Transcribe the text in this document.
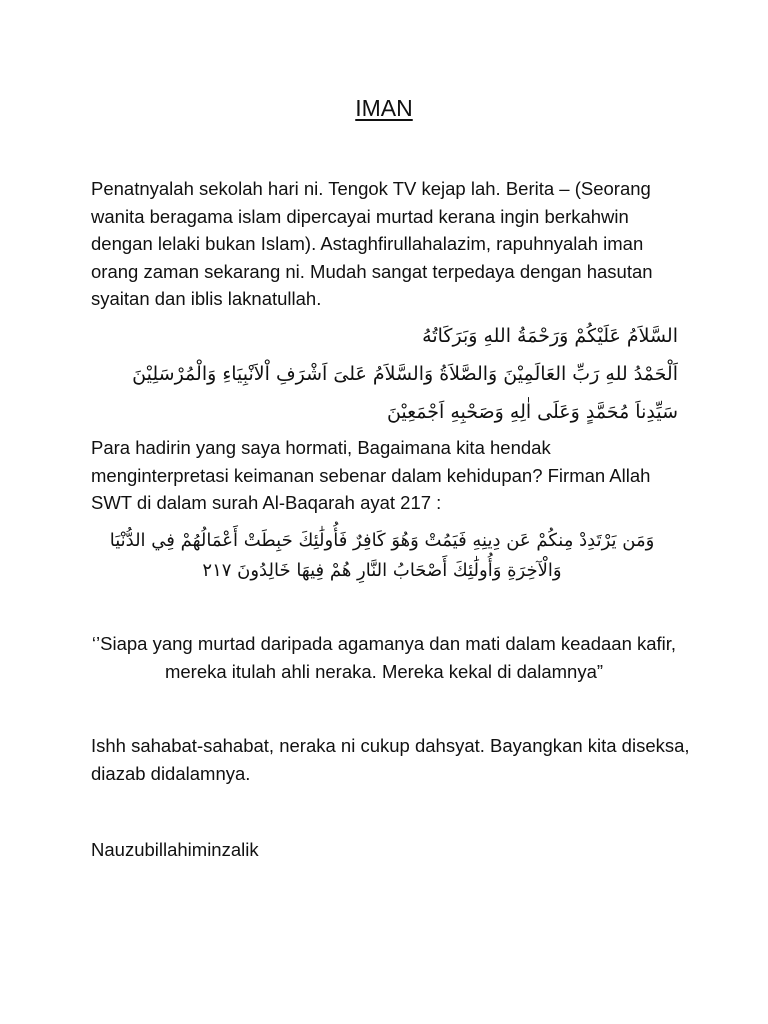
IMAN

Penatnyalah sekolah hari ni. Tengok TV kejap lah. Berita – (Seorang wanita beragama islam dipercayai murtad kerana ingin berkahwin dengan lelaki bukan Islam). Astaghfirullahalazim, rapuhnyalah iman orang zaman sekarang ni. Mudah sangat terpedaya dengan hasutan syaitan dan iblis laknatullah.

السَّلاَمُ عَلَيْكُمْ وَرَحْمَةُ اللهِ وَبَرَكَاتُهُ

اَلْحَمْدُ للهِ رَبِّ العَالَمِيْنَ وَالصَّلاَةُ وَالسَّلاَمُ عَلىَ اَشْرَفِ اْلاَنْبِيَاءِ وَالْمُرْسَلِيْنَ

سَيِّدِناَ مُحَمَّدٍ وَعَلَى اٰلِهِ وَصَحْبِهِ اَجْمَعِيْنَ

Para hadirin yang saya hormati, Bagaimana kita hendak menginterpretasi keimanan sebenar dalam kehidupan? Firman Allah SWT di dalam surah Al-Baqarah ayat 217 :

وَمَن يَرْتَدِدْ مِنكُمْ عَن دِينِهِ فَيَمُتْ وَهُوَ كَافِرٌ فَأُولَٰئِكَ حَبِطَتْ أَعْمَالُهُمْ فِي الدُّنْيَا وَالْآخِرَةِ وَأُولَٰئِكَ أَصْحَابُ النَّارِ هُمْ فِيهَا خَالِدُونَ ٢١٧

‘’Siapa yang murtad daripada agamanya dan mati dalam keadaan kafir, mereka itulah ahli neraka. Mereka kekal di dalamnya”

Ishh sahabat-sahabat, neraka ni cukup dahsyat. Bayangkan kita diseksa, diazab didalamnya.

Nauzubillahiminzalik
